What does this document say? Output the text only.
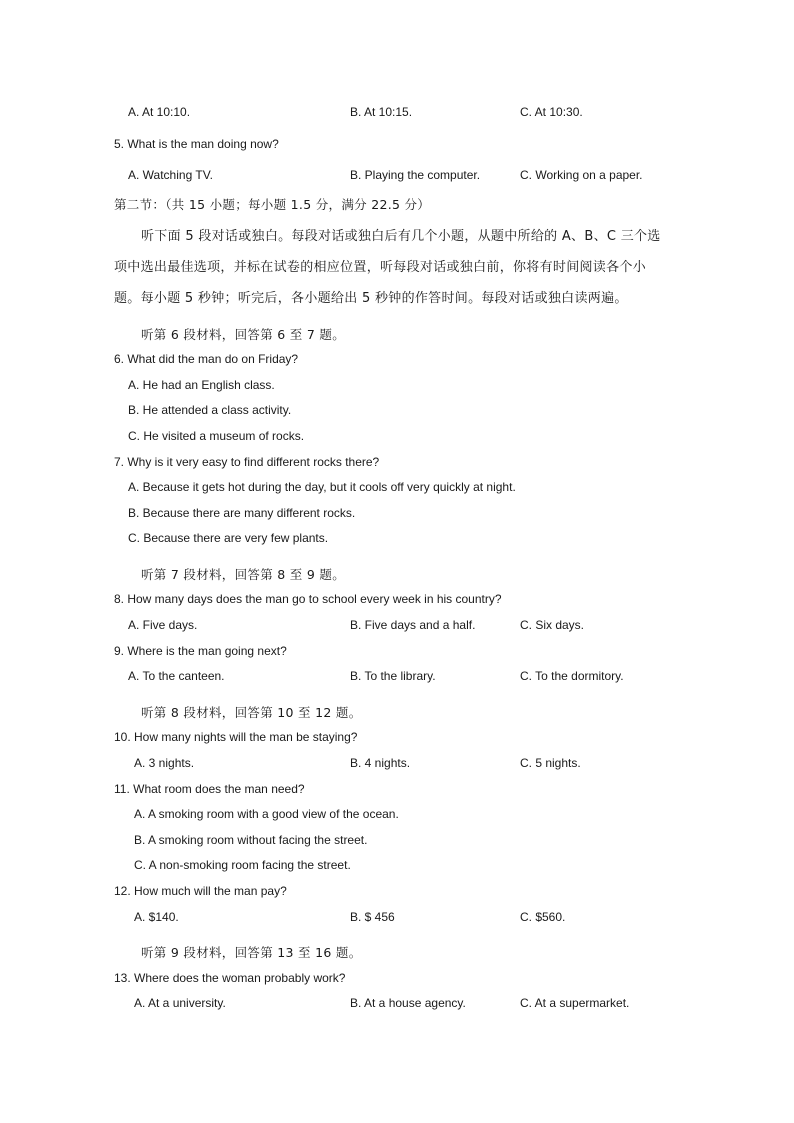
A. At 10:10.	B. At 10:15.	C. At 10:30.
5. What is the man doing now?
A. Watching TV.	B. Playing the computer.	C. Working on a paper.
第二节：（共 15 小题；每小题 1.5 分，满分 22.5 分）
听下面 5 段对话或独白。每段对话或独白后有几个小题，从题中所给的 A、B、C 三个选
项中选出最佳选项，并标在试卷的相应位置，听每段对话或独白前，你将有时间阅读各个小
题。每小题 5 秒钟；听完后，各小题给出 5 秒钟的作答时间。每段对话或独白读两遍。
听第 6 段材料，回答第 6 至 7 题。
6. What did the man do on Friday?
A. He had an English class.
B. He attended a class activity.
C. He visited a museum of rocks.
7. Why is it very easy to find different rocks there?
A. Because it gets hot during the day, but it cools off very quickly at night.
B. Because there are many different rocks.
C. Because there are very few plants.
听第 7 段材料，回答第 8 至 9 题。
8. How many days does the man go to school every week in his country?
A. Five days.	B. Five days and a half.	C. Six days.
9. Where is the man going next?
A. To the canteen.	B. To the library.	C. To the dormitory.
听第 8 段材料，回答第 10 至 12 题。
10. How many nights will the man be staying?
A. 3 nights.	B. 4 nights.	C. 5 nights.
11. What room does the man need?
A. A smoking room with a good view of the ocean.
B. A smoking room without facing the street.
C. A non-smoking room facing the street.
12. How much will the man pay?
A. $140.	B. $ 456	C. $560.
听第 9 段材料，回答第 13 至 16 题。
13. Where does the woman probably work?
A. At a university.	B. At a house agency.	C. At a supermarket.
